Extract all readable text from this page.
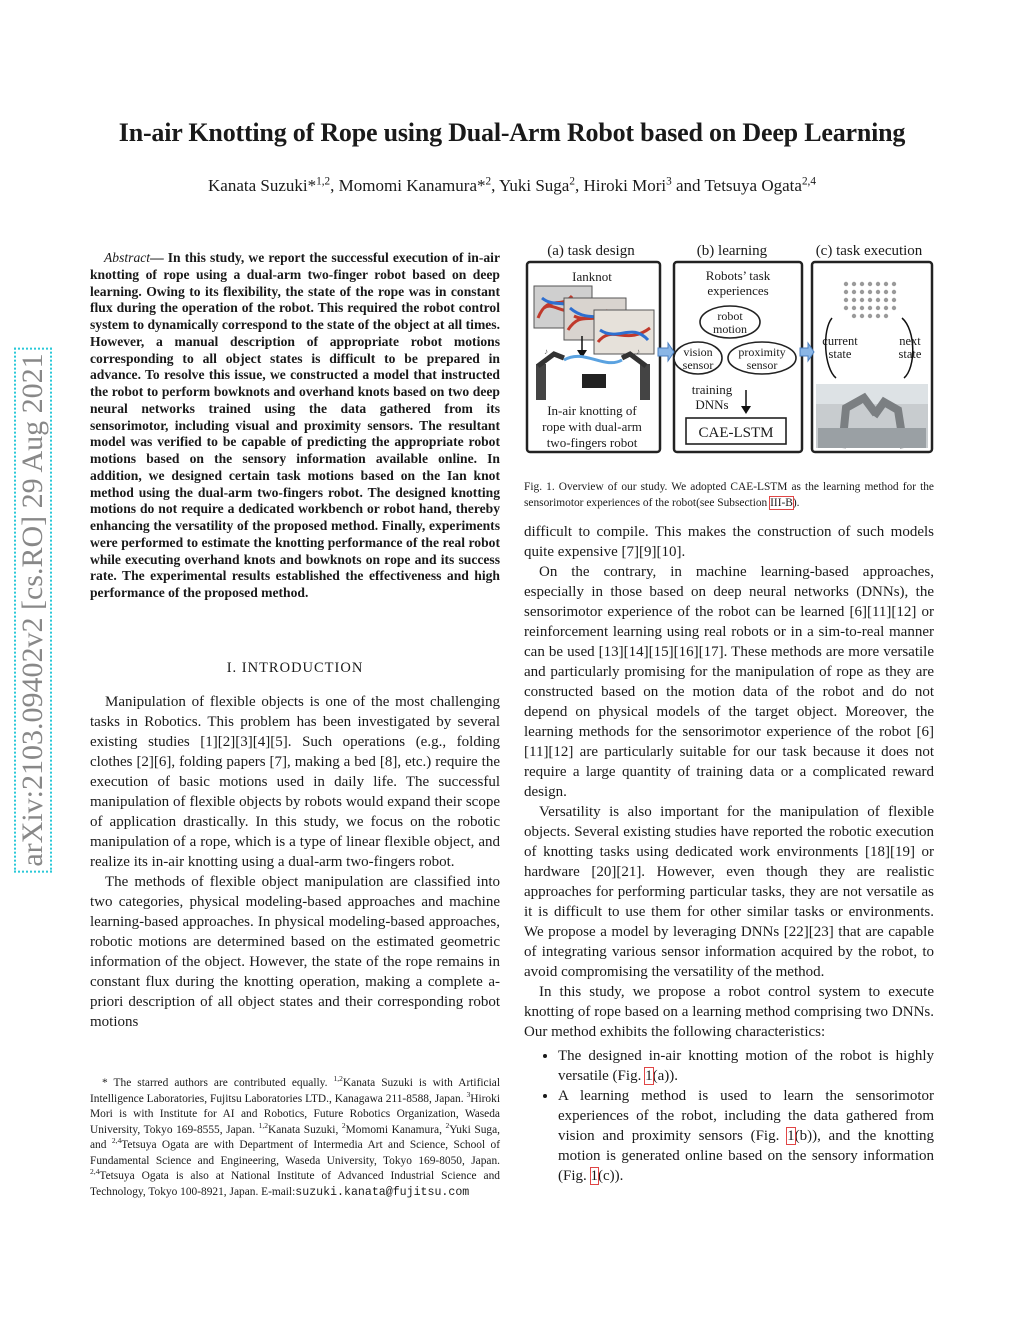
In-air Knotting of Rope using Dual-Arm Robot based on Deep Learning
Kanata Suzuki*$^{1,2}$, Momomi Kanamura*$^2$, Yuki Suga$^2$, Hiroki Mori$^3$ and Tetsuya Ogata$^{2,4}$
arXiv:2103.09402v2 [cs.RO] 29 Aug 2021
Abstract— In this study, we report the successful execution of in-air knotting of rope using a dual-arm two-finger robot based on deep learning. Owing to its flexibility, the state of the rope was in constant flux during the operation of the robot. This required the robot control system to dynamically correspond to the state of the object at all times. However, a manual description of appropriate robot motions corresponding to all object states is difficult to be prepared in advance. To resolve this issue, we constructed a model that instructed the robot to perform bowknots and overhand knots based on two deep neural networks trained using the data gathered from its sensorimotor, including visual and proximity sensors. The resultant model was verified to be capable of predicting the appropriate robot motions based on the sensory information available online. In addition, we designed certain task motions based on the Ian knot method using the dual-arm two-fingers robot. The designed knotting motions do not require a dedicated workbench or robot hand, thereby enhancing the versatility of the proposed method. Finally, experiments were performed to estimate the knotting performance of the real robot while executing overhand knots and bowknots on rope and its success rate. The experimental results established the effectiveness and high performance of the proposed method.
I. INTRODUCTION

Manipulation of flexible objects is one of the most challenging tasks in Robotics. This problem has been investigated by several existing studies [1][2][3][4][5]. Such operations (e.g., folding clothes [2][6], folding papers [7], making a bed [8], etc.) require the execution of basic motions used in daily life. The successful manipulation of flexible objects by robots would expand their scope of application drastically. In this study, we focus on the robotic manipulation of a rope, which is a type of linear flexible object, and realize its in-air knotting using a dual-arm two-fingers robot.

The methods of flexible object manipulation are classified into two categories, physical modeling-based approaches and machine learning-based approaches. In physical modeling-based approaches, robotic motions are determined based on the estimated geometric information of the object. However, the state of the rope remains in constant flux during the knotting operation, making a complete a-priori description of all object states and their corresponding robot motions

* The starred authors are contributed equally. $^{1,2}$Kanata Suzuki is with Artificial Intelligence Laboratories, Fujitsu Laboratories LTD., Kanagawa 211-8588, Japan. $^3$Hiroki Mori is with Institute for AI and Robotics, Future Robotics Organization, Waseda University, Tokyo 169-8555, Japan. $^{1,2}$Kanata Suzuki, $^2$Momomi Kanamura, $^2$Yuki Suga, and $^{2,4}$Tetsuya Ogata are with Department of Intermedia Art and Science, School of Fundamental Science and Engineering, Waseda University, Tokyo 169-8050, Japan. $^{2,4}$Tetsuya Ogata is also at National Institute of Advanced Industrial Science and Technology, Tokyo 100-8921, Japan. E-mail:suzuki.kanata@fujitsu.com

(a) task design	(b) learning	(c) task execution
Ianknot
♪	♪
In-air knotting of
rope with dual-arm
two-fingers robot
Robots’ task
experiences
robot
motion
vision
sensor
proximity
sensor
training
DNNs
CAE-LSTM
current
state
next
state
Fig. 1. Overview of our study. We adopted CAE-LSTM as the learning method for the sensorimotor experiences of the robot(see Subsection III-B).

difficult to compile. This makes the construction of such models quite expensive [7][9][10].

On the contrary, in machine learning-based approaches, especially in those based on deep neural networks (DNNs), the sensorimotor experience of the robot can be learned [6][11][12] or reinforcement learning using real robots or in a sim-to-real manner can be used [13][14][15][16][17]. These methods are more versatile and particularly promising for the manipulation of rope as they are constructed based on the motion data of the robot and do not depend on physical models of the target object. Moreover, the learning methods for the sensorimotor experience of the robot [6][11][12] are particularly suitable for our task because it does not require a large quantity of training data or a complicated reward design.

Versatility is also important for the manipulation of flexible objects. Several existing studies have reported the robotic execution of knotting tasks using dedicated work environments [18][19] or hardware [20][21]. However, even though they are realistic approaches for performing particular tasks, they are not versatile as it is difficult to use them for other similar tasks or environments. We propose a model by leveraging DNNs [22][23] that are capable of integrating various sensor information acquired by the robot, to avoid compromising the versatility of the method.

In this study, we propose a robot control system to execute knotting of rope based on a learning method comprising two DNNs. Our method exhibits the following characteristics:

• The designed in-air knotting motion of the robot is highly versatile (Fig. 1(a)).
• A learning method is used to learn the sensorimotor experiences of the robot, including the data gathered from vision and proximity sensors (Fig. 1(b)), and the knotting motion is generated online based on the sensory information (Fig. 1(c)).
